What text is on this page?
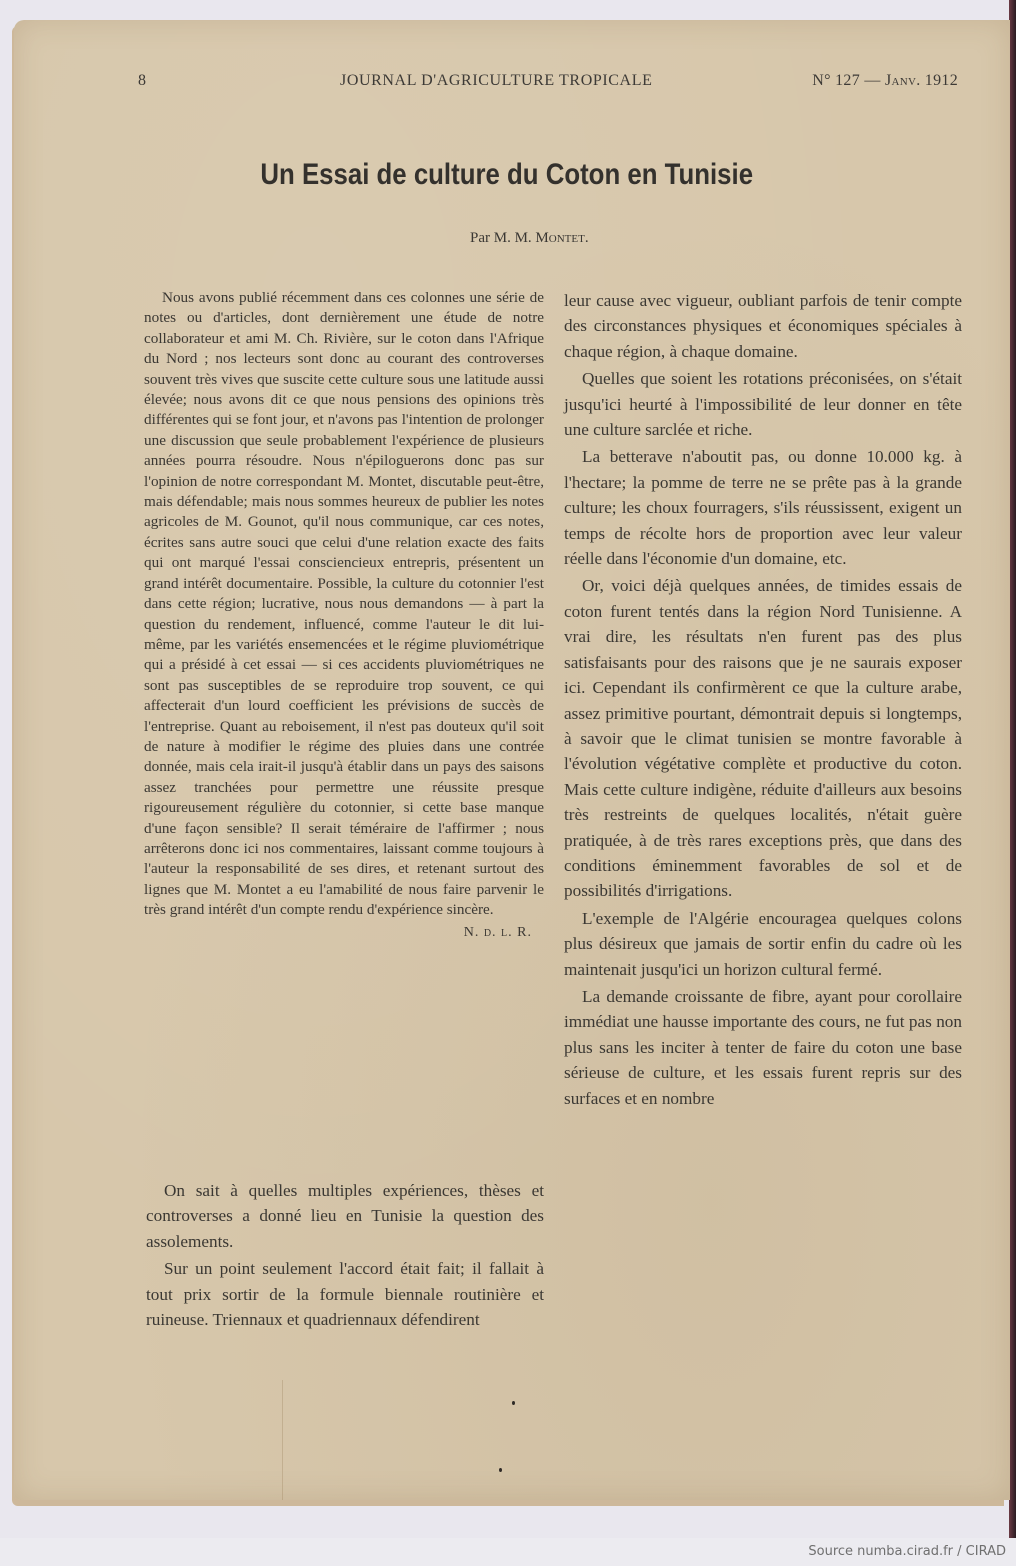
8	JOURNAL D'AGRICULTURE TROPICALE	N° 127 — Janv. 1912
Un Essai de culture du Coton en Tunisie
Par M. M. Montet.

Nous avons publié récemment dans ces colonnes une série de notes ou d'articles, dont dernièrement une étude de notre collaborateur et ami M. Ch. Rivière, sur le coton dans l'Afrique du Nord ; nos lecteurs sont donc au courant des controverses souvent très vives que suscite cette culture sous une latitude aussi élevée; nous avons dit ce que nous pensions des opinions très différentes qui se font jour, et n'avons pas l'intention de prolonger une discussion que seule probablement l'expérience de plusieurs années pourra résoudre. Nous n'épiloguerons donc pas sur l'opinion de notre correspondant M. Montet, discutable peut-être, mais défendable; mais nous sommes heureux de publier les notes agricoles de M. Gounot, qu'il nous communique, car ces notes, écrites sans autre souci que celui d'une relation exacte des faits qui ont marqué l'essai consciencieux entrepris, présentent un grand intérêt documentaire. Possible, la culture du cotonnier l'est dans cette région; lucrative, nous nous demandons — à part la question du rendement, influencé, comme l'auteur le dit lui-même, par les variétés ensemencées et le régime pluviométrique qui a présidé à cet essai — si ces accidents pluviométriques ne sont pas susceptibles de se reproduire trop souvent, ce qui affecterait d'un lourd coefficient les prévisions de succès de l'entreprise. Quant au reboisement, il n'est pas douteux qu'il soit de nature à modifier le régime des pluies dans une contrée donnée, mais cela irait-il jusqu'à établir dans un pays des saisons assez tranchées pour permettre une réussite presque rigoureusement régulière du cotonnier, si cette base manque d'une façon sensible? Il serait téméraire de l'affirmer ; nous arrêterons donc ici nos commentaires, laissant comme toujours à l'auteur la responsabilité de ses dires, et retenant surtout des lignes que M. Montet a eu l'amabilité de nous faire parvenir le très grand intérêt d'un compte rendu d'expérience sincère.

N. d. l. R.

On sait à quelles multiples expériences, thèses et controverses a donné lieu en Tunisie la question des assolements.

Sur un point seulement l'accord était fait; il fallait à tout prix sortir de la formule biennale routinière et ruineuse. Triennaux et quadriennaux défendirent

leur cause avec vigueur, oubliant parfois de tenir compte des circonstances physiques et économiques spéciales à chaque région, à chaque domaine.

Quelles que soient les rotations préconisées, on s'était jusqu'ici heurté à l'impossibilité de leur donner en tête une culture sarclée et riche.

La betterave n'aboutit pas, ou donne 10.000 kg. à l'hectare; la pomme de terre ne se prête pas à la grande culture; les choux fourragers, s'ils réussissent, exigent un temps de récolte hors de proportion avec leur valeur réelle dans l'économie d'un domaine, etc.

Or, voici déjà quelques années, de timides essais de coton furent tentés dans la région Nord Tunisienne. A vrai dire, les résultats n'en furent pas des plus satisfaisants pour des raisons que je ne saurais exposer ici. Cependant ils confirmèrent ce que la culture arabe, assez primitive pourtant, démontrait depuis si longtemps, à savoir que le climat tunisien se montre favorable à l'évolution végétative complète et productive du coton. Mais cette culture indigène, réduite d'ailleurs aux besoins très restreints de quelques localités, n'était guère pratiquée, à de très rares exceptions près, que dans des conditions éminemment favorables de sol et de possibilités d'irrigations.

L'exemple de l'Algérie encouragea quelques colons plus désireux que jamais de sortir enfin du cadre où les maintenait jusqu'ici un horizon cultural fermé.

La demande croissante de fibre, ayant pour corollaire immédiat une hausse importante des cours, ne fut pas non plus sans les inciter à tenter de faire du coton une base sérieuse de culture, et les essais furent repris sur des surfaces et en nombre

Source numba.cirad.fr / CIRAD
